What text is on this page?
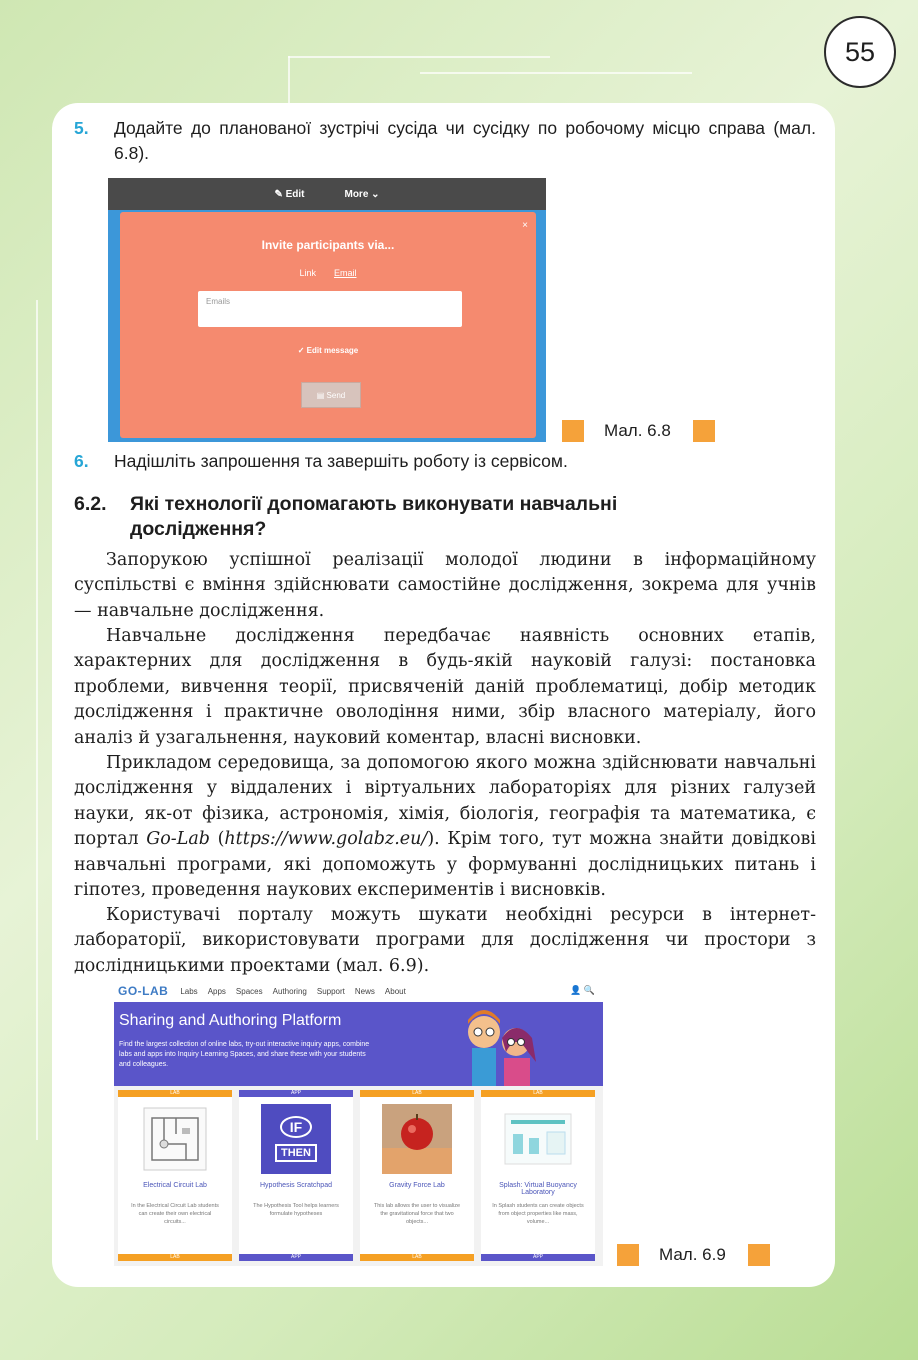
55
5. Додайте до планованої зустрічі сусіда чи сусідку по робочому місцю справа (мал. 6.8).
✎ Edit	More ⌄
×
Invite participants via...
Link Email
Emails
✓ Edit message
▤ Send
Мал. 6.8
6. Надішліть запрошення та завершіть роботу із сервісом.
6.2. Які технології допомагають виконувати навчальні дослідження?

Запорукою успішної реалізації молодої людини в інформаційному суспільстві є вміння здійснювати самостійне дослідження, зокрема для учнів — навчальне дослідження.

Навчальне дослідження передбачає наявність основних етапів, характерних для дослідження в будь-якій науковій галузі: постановка проблеми, вивчення теорії, присвяченій даній проблематиці, добір методик дослідження і практичне оволодіння ними, збір власного матеріалу, його аналіз й узагальнення, науковий коментар, власні висновки.

Прикладом середовища, за допомогою якого можна здійснювати навчальні дослідження у віддалених і віртуальних лабораторіях для різних галузей науки, як-от фізика, астрономія, хімія, біологія, географія та математика, є портал Go-Lab (https://www.golabz.eu/). Крім того, тут можна знайти довідкові навчальні програми, які допоможуть у формуванні дослідницьких питань і гіпотез, проведення наукових експериментів і висновків.

Користувачі порталу можуть шукати необхідні ресурси в інтернет-лабораторії, використовувати програми для дослідження чи простори з дослідницькими проектами (мал. 6.9).

GO-LAB Labs Apps Spaces Authoring Support News About	👤 🔍
Sharing and Authoring Platform

Find the largest collection of online labs, try-out interactive inquiry apps, combine labs and apps into Inquiry Learning Spaces, and share these with your students and colleagues.

LAB
Electrical Circuit Lab
In the Electrical Circuit Lab students can create their own electrical circuits...
APP
IF
THEN
Hypothesis Scratchpad
The Hypothesis Tool helps learners formulate hypotheses
LAB
Gravity Force Lab
This lab allows the user to visualize the gravitational force that two objects...
LAB
Splash: Virtual Buoyancy Laboratory
In Splash students can create objects from object properties like mass, volume...
LAB	APP	LAB	APP	Мал. 6.9
